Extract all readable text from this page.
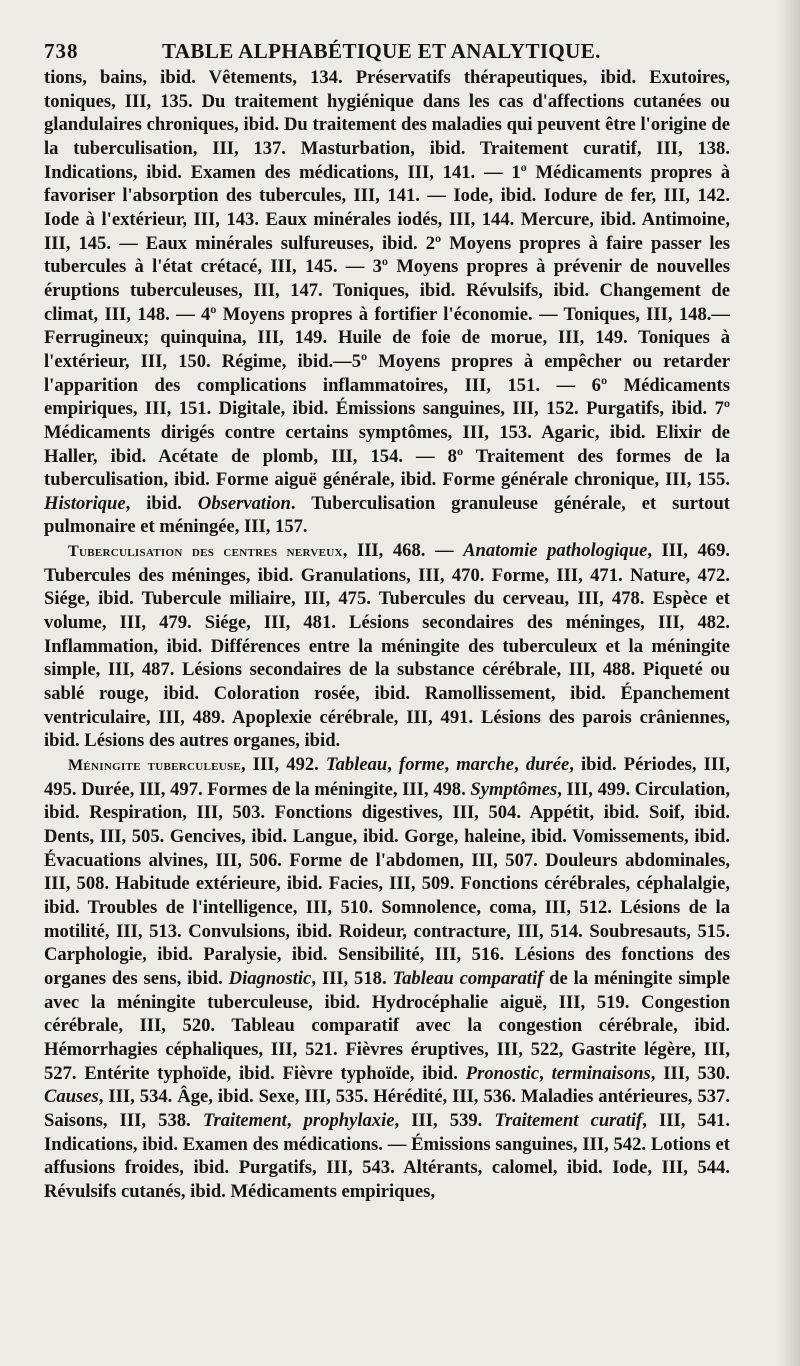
738	TABLE ALPHABÉTIQUE ET ANALYTIQUE.

tions, bains, ibid. Vêtements, 134. Préservatifs thérapeutiques, ibid. Exutoires, toniques, III, 135. Du traitement hygiénique dans les cas d'affections cutanées ou glandulaires chroniques, ibid. Du traitement des maladies qui peuvent être l'origine de la tuberculisation, III, 137. Masturbation, ibid. Traitement curatif, III, 138. Indications, ibid. Examen des médications, III, 141. — 1º Médicaments propres à favoriser l'absorption des tubercules, III, 141. — Iode, ibid. Iodure de fer, III, 142. Iode à l'extérieur, III, 143. Eaux minérales iodés, III, 144. Mercure, ibid. Antimoine, III, 145. — Eaux minérales sulfureuses, ibid. 2º Moyens propres à faire passer les tubercules à l'état crétacé, III, 145. — 3º Moyens propres à prévenir de nouvelles éruptions tuberculeuses, III, 147. Toniques, ibid. Révulsifs, ibid. Changement de climat, III, 148. — 4º Moyens propres à fortifier l'économie. — Toniques, III, 148.— Ferrugineux; quinquina, III, 149. Huile de foie de morue, III, 149. Toniques à l'extérieur, III, 150. Régime, ibid.—5º Moyens propres à empêcher ou retarder l'apparition des complications inflammatoires, III, 151. — 6º Médicaments empiriques, III, 151. Digitale, ibid. Émissions sanguines, III, 152. Purgatifs, ibid. 7º Médicaments dirigés contre certains symptômes, III, 153. Agaric, ibid. Elixir de Haller, ibid. Acétate de plomb, III, 154. — 8º Traitement des formes de la tuberculisation, ibid. Forme aiguë générale, ibid. Forme générale chronique, III, 155. Historique, ibid. Observation. Tuberculisation granuleuse générale, et surtout pulmonaire et méningée, III, 157.

Tuberculisation des centres nerveux, III, 468. — Anatomie pathologique, III, 469. Tubercules des méninges, ibid. Granulations, III, 470. Forme, III, 471. Nature, 472. Siége, ibid. Tubercule miliaire, III, 475. Tubercules du cerveau, III, 478. Espèce et volume, III, 479. Siége, III, 481. Lésions secondaires des méninges, III, 482. Inflammation, ibid. Différences entre la méningite des tuberculeux et la méningite simple, III, 487. Lésions secondaires de la substance cérébrale, III, 488. Piqueté ou sablé rouge, ibid. Coloration rosée, ibid. Ramollissement, ibid. Épanchement ventriculaire, III, 489. Apoplexie cérébrale, III, 491. Lésions des parois crâniennes, ibid. Lésions des autres organes, ibid.

Méningite tuberculeuse, III, 492. Tableau, forme, marche, durée, ibid. Périodes, III, 495. Durée, III, 497. Formes de la méningite, III, 498. Symptômes, III, 499. Circulation, ibid. Respiration, III, 503. Fonctions digestives, III, 504. Appétit, ibid. Soif, ibid. Dents, III, 505. Gencives, ibid. Langue, ibid. Gorge, haleine, ibid. Vomissements, ibid. Évacuations alvines, III, 506. Forme de l'abdomen, III, 507. Douleurs abdominales, III, 508. Habitude extérieure, ibid. Facies, III, 509. Fonctions cérébrales, céphalalgie, ibid. Troubles de l'intelligence, III, 510. Somnolence, coma, III, 512. Lésions de la motilité, III, 513. Convulsions, ibid. Roideur, contracture, III, 514. Soubresauts, 515. Carphologie, ibid. Paralysie, ibid. Sensibilité, III, 516. Lésions des fonctions des organes des sens, ibid. Diagnostic, III, 518. Tableau comparatif de la méningite simple avec la méningite tuberculeuse, ibid. Hydrocéphalie aiguë, III, 519. Congestion cérébrale, III, 520. Tableau comparatif avec la congestion cérébrale, ibid. Hémorrhagies céphaliques, III, 521. Fièvres éruptives, III, 522, Gastrite légère, III, 527. Entérite typhoïde, ibid. Fièvre typhoïde, ibid. Pronostic, terminaisons, III, 530. Causes, III, 534. Âge, ibid. Sexe, III, 535. Hérédité, III, 536. Maladies antérieures, 537. Saisons, III, 538. Traitement, prophylaxie, III, 539. Traitement curatif, III, 541. Indications, ibid. Examen des médications. — Émissions sanguines, III, 542. Lotions et affusions froides, ibid. Purgatifs, III, 543. Altérants, calomel, ibid. Iode, III, 544. Révulsifs cutanés, ibid. Médicaments empiriques,
